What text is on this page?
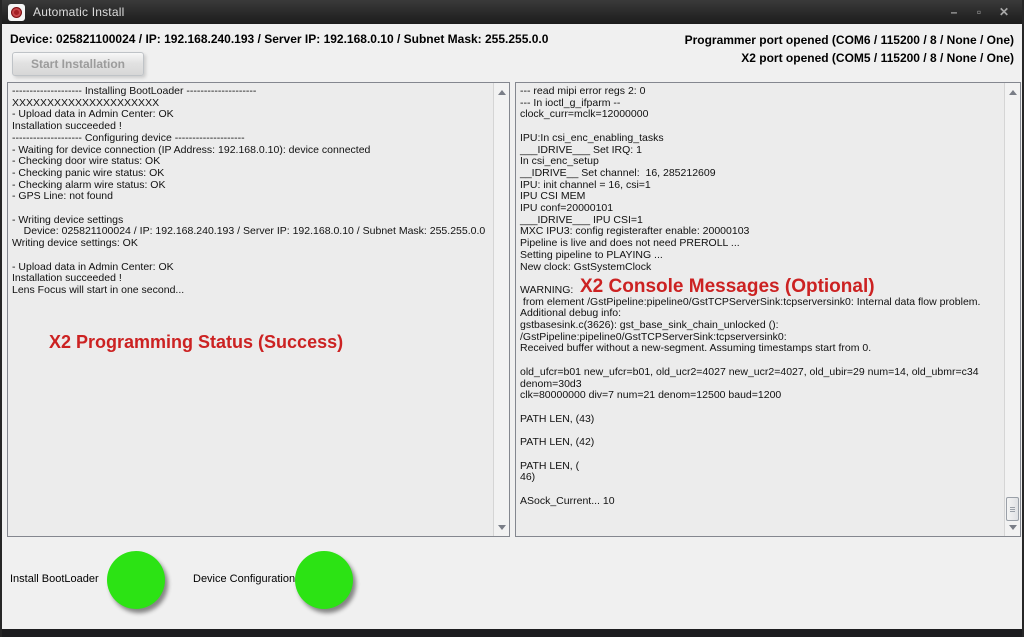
Automatic Install	–	▫	✕
Device: 025821100024 / IP: 192.168.240.193 / Server IP: 192.168.0.10 / Subnet Mask: 255.255.0.0	Programmer port opened (COM6 / 115200 / 8 / None / One)
X2 port opened (COM5 / 115200 / 8 / None / One)
Start Installation
-------------------- Installing BootLoader --------------------
XXXXXXXXXXXXXXXXXXXXX
- Upload data in Admin Center: OK
Installation succeeded !
-------------------- Configuring device --------------------
- Waiting for device connection (IP Address: 192.168.0.10): device connected
- Checking door wire status: OK
- Checking panic wire status: OK
- Checking alarm wire status: OK
- GPS Line: not found

- Writing device settings
Device: 025821100024 / IP: 192.168.240.193 / Server IP: 192.168.0.10 / Subnet Mask: 255.255.0.0
Writing device settings: OK

- Upload data in Admin Center: OK
Installation succeeded !
Lens Focus will start in one second...
X2 Programming Status (Success)
--- read mipi error regs 2: 0
--- In ioctl_g_ifparm --
clock_curr=mclk=12000000

IPU:In csi_enc_enabling_tasks
___IDRIVE___ Set IRQ: 1
In csi_enc_setup
__IDRIVE__ Set channel:  16, 285212609
IPU: init channel = 16, csi=1
IPU CSI MEM
IPU conf=20000101
___IDRIVE___ IPU CSI=1
MXC IPU3: config registerafter enable: 20000103
Pipeline is live and does not need PREROLL ...
Setting pipeline to PLAYING ...
New clock: GstSystemClock

WARNING:
from element /GstPipeline:pipeline0/GstTCPServerSink:tcpserversink0: Internal data flow problem.
Additional debug info:
gstbasesink.c(3626): gst_base_sink_chain_unlocked ():
/GstPipeline:pipeline0/GstTCPServerSink:tcpserversink0:
Received buffer without a new-segment. Assuming timestamps start from 0.

old_ufcr=b01 new_ufcr=b01, old_ucr2=4027 new_ucr2=4027, old_ubir=29 num=14, old_ubmr=c34
denom=30d3
clk=80000000 div=7 num=21 denom=12500 baud=1200

PATH LEN, (43)

PATH LEN, (42)

PATH LEN, (
46)

ASock_Current... 10
X2 Console Messages (Optional)
Install BootLoader	Device Configuration
